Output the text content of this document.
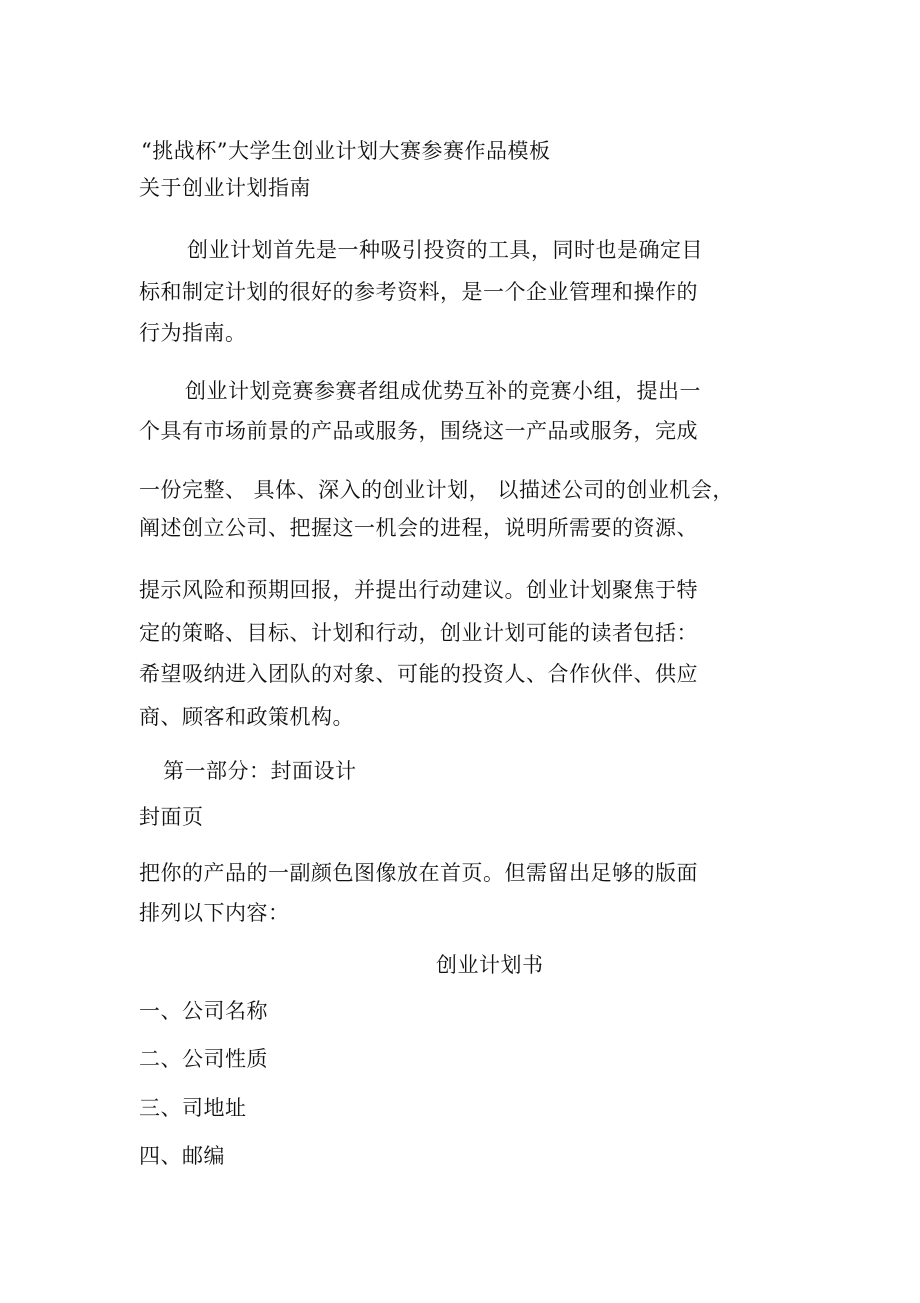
“挑战杯”大学生创业计划大赛参赛作品模板

关于创业计划指南

创业计划首先是一种吸引投资的工具，同时也是确定目

标和制定计划的很好的参考资料，是一个企业管理和操作的

行为指南。

创业计划竞赛参赛者组成优势互补的竞赛小组，提出一

个具有市场前景的产品或服务，围绕这一产品或服务，完成

一份完整、 具体、深入的创业计划， 以描述公司的创业机会，

阐述创立公司、把握这一机会的进程，说明所需要的资源、

提示风险和预期回报，并提出行动建议。创业计划聚焦于特

定的策略、目标、计划和行动，创业计划可能的读者包括：

希望吸纳进入团队的对象、可能的投资人、合作伙伴、供应

商、顾客和政策机构。

第一部分：封面设计

封面页

把你的产品的一副颜色图像放在首页。但需留出足够的版面

排列以下内容：

创业计划书

一、公司名称

二、公司性质

三、司地址

四、邮编
